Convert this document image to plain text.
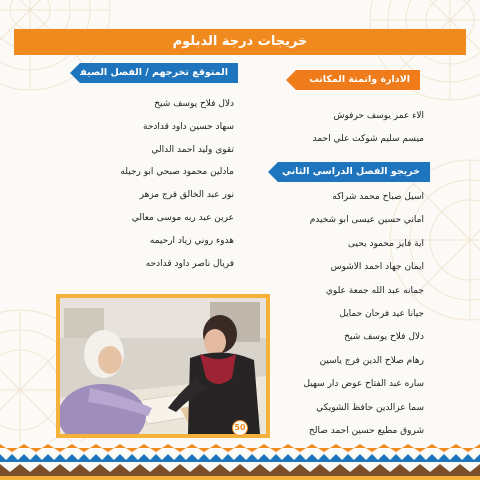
خريجات درجة الدبلوم
الادارة واتمتة المكاتب
الاء عمر يوسف حرفوش
ميسم سليم شوكت علي احمد
خريجو الفصل الدراسي الثاني
اسيل صباح محمد شراكه
اماني حسين عيسى ابو شخيدم
اية فايز محمود يحيى
ايمان جهاد احمد الاشوس
جمانه عبد الله جمعة علوي
جيانا عيد فرحان حمايل
دلال فلاح يوسف شيخ
رهام صلاح الدين فرج ياسين
ساره عبد الفتاح عوض دار سهيل
سما عزالدين حافظ الشويكي
شروق مطيع حسين احمد صالح
المتوقع تخرجهم / الفصل الصيفي
دلال فلاح يوسف شيخ
سهاد حسين داود قدادحة
تقوى وليد احمد الدالي
مادلين محمود صبحي ابو رجيله
نور عبد الخالق فرج مزهر
عرين عبد ربه موسى معالي
هدوء روني زياد ارحيمه
فريال ناصر داود قدادحه
50
